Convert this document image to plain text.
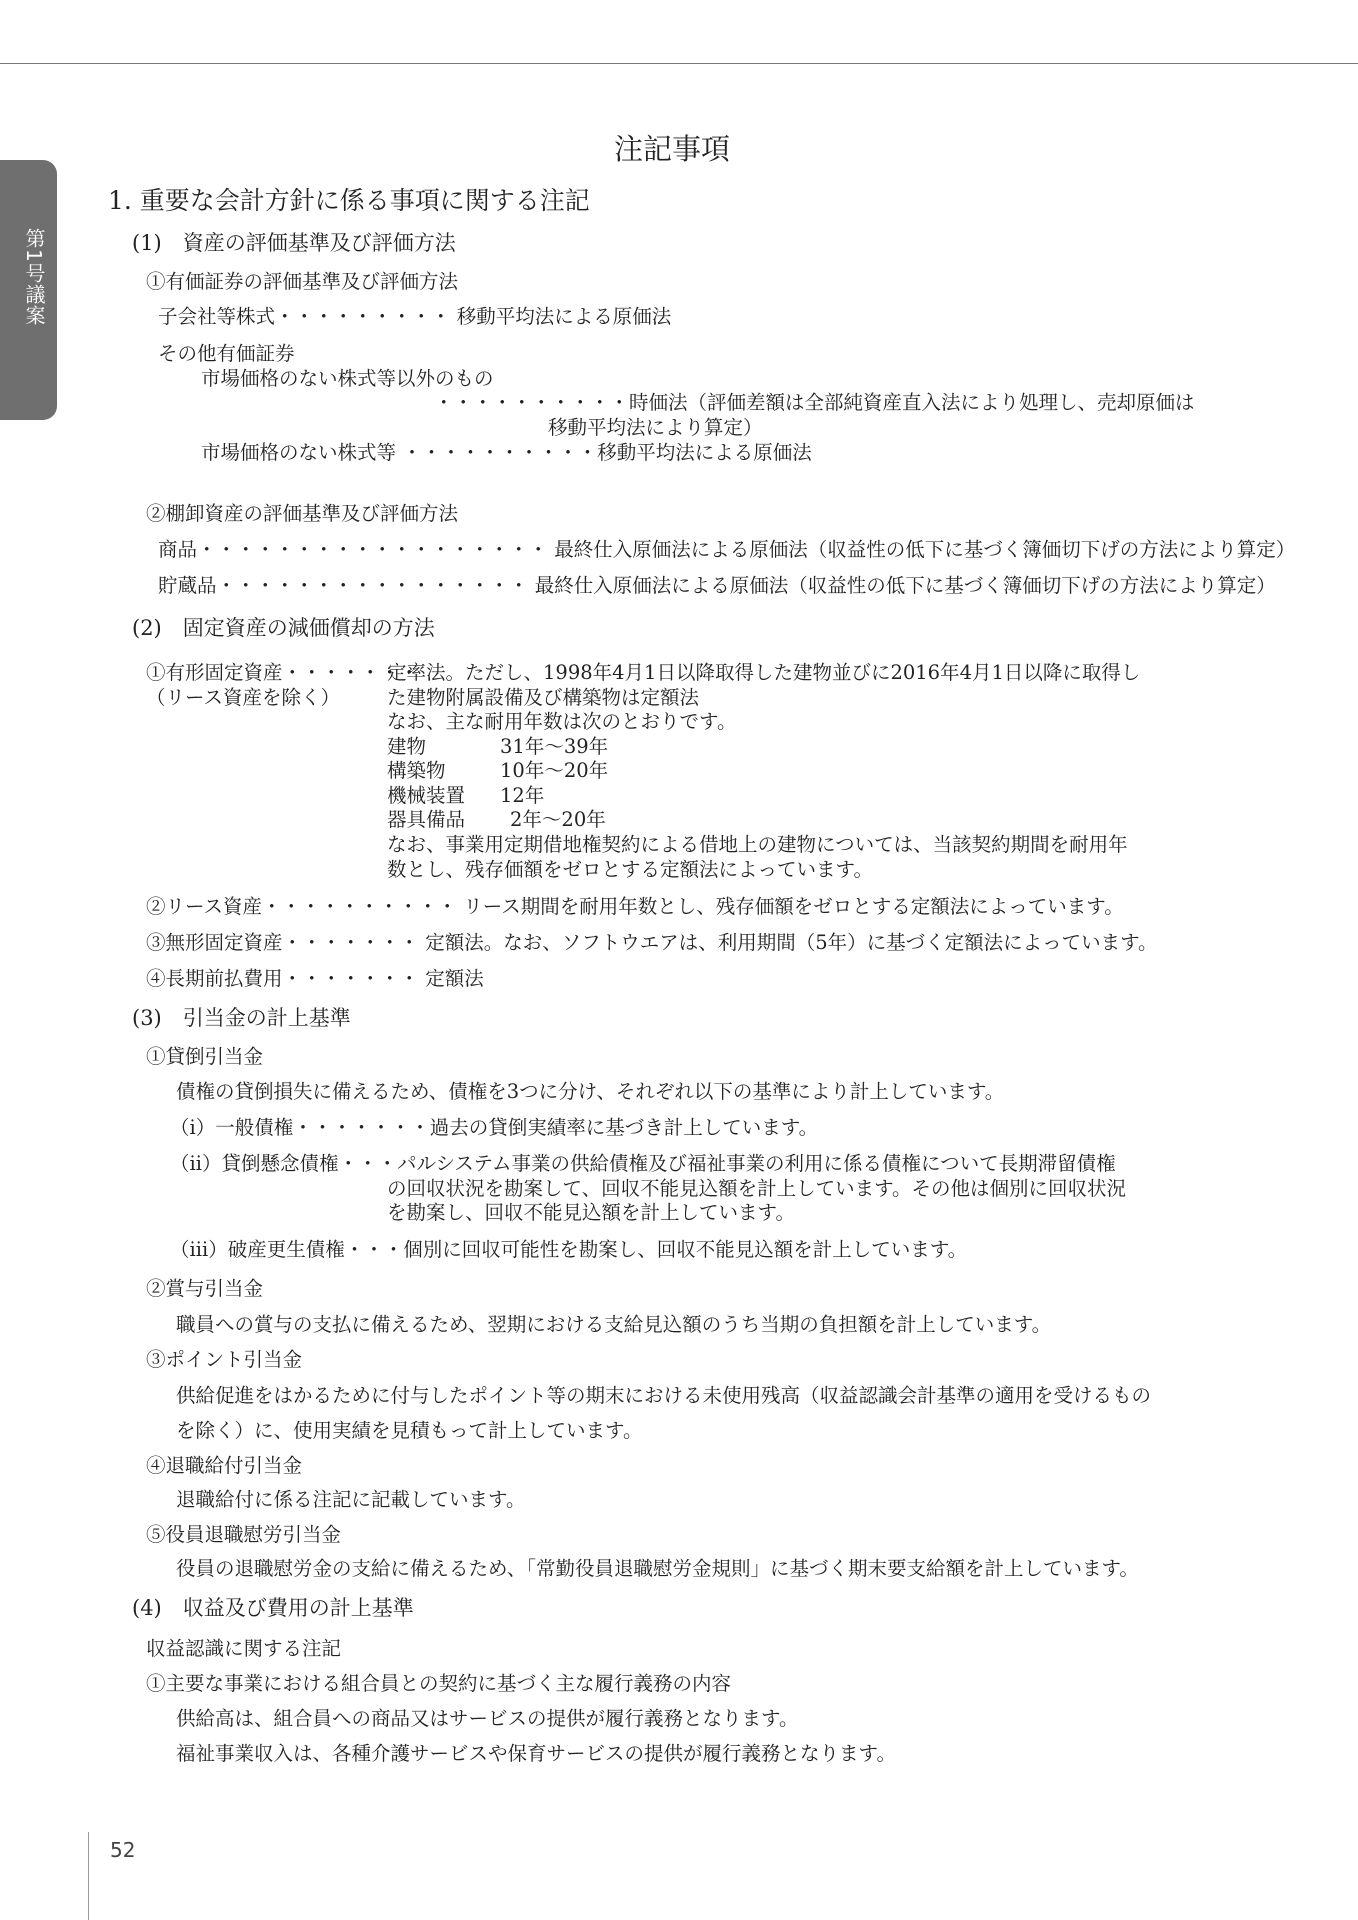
第1号議案
注記事項
1. 重要な会計方針に係る事項に関する注記
(1)　資産の評価基準及び評価方法
①有価証券の評価基準及び評価方法
子会社等株式・・・・・・・・・ 移動平均法による原価法
その他有価証券
市場価格のない株式等以外のもの
・・・・・・・・・・時価法（評価差額は全部純資産直入法により処理し、売却原価は
移動平均法により算定）
市場価格のない株式等 ・・・・・・・・・・移動平均法による原価法
②棚卸資産の評価基準及び評価方法
商品・・・・・・・・・・・・・・・・・・ 最終仕入原価法による原価法（収益性の低下に基づく簿価切下げの方法により算定）
貯蔵品・・・・・・・・・・・・・・・・ 最終仕入原価法による原価法（収益性の低下に基づく簿価切下げの方法により算定）
(2)　固定資産の減価償却の方法
①有形固定資産・・・・・・・
（リース資産を除く）
定率法。ただし、1998年4月1日以降取得した建物並びに2016年4月1日以降に取得し
た建物附属設備及び構築物は定額法
なお、主な耐用年数は次のとおりです。
建物	31年～39年
構築物	10年～20年
機械装置 12年
器具備品 2年～20年
なお、事業用定期借地権契約による借地上の建物については、当該契約期間を耐用年
数とし、残存価額をゼロとする定額法によっています。
②リース資産・・・・・・・・・・ リース期間を耐用年数とし、残存価額をゼロとする定額法によっています。
③無形固定資産・・・・・・・ 定額法。なお、ソフトウエアは、利用期間（5年）に基づく定額法によっています。
④長期前払費用・・・・・・・ 定額法
(3)　引当金の計上基準
①貸倒引当金
債権の貸倒損失に備えるため、債権を3つに分け、それぞれ以下の基準により計上しています。
（ⅰ）一般債権・・・・・・・過去の貸倒実績率に基づき計上しています。
（ⅱ）貸倒懸念債権・・・パルシステム事業の供給債権及び福祉事業の利用に係る債権について長期滞留債権
の回収状況を勘案して、回収不能見込額を計上しています。その他は個別に回収状況
を勘案し、回収不能見込額を計上しています。
（ⅲ）破産更生債権・・・個別に回収可能性を勘案し、回収不能見込額を計上しています。
②賞与引当金
職員への賞与の支払に備えるため、翌期における支給見込額のうち当期の負担額を計上しています。
③ポイント引当金
供給促進をはかるために付与したポイント等の期末における未使用残高（収益認識会計基準の適用を受けるもの
を除く）に、使用実績を見積もって計上しています。
④退職給付引当金
退職給付に係る注記に記載しています。
⑤役員退職慰労引当金
役員の退職慰労金の支給に備えるため、「常勤役員退職慰労金規則」に基づく期末要支給額を計上しています。
(4)　収益及び費用の計上基準
収益認識に関する注記
①主要な事業における組合員との契約に基づく主な履行義務の内容
供給高は、組合員への商品又はサービスの提供が履行義務となります。
福祉事業収入は、各種介護サービスや保育サービスの提供が履行義務となります。
52
